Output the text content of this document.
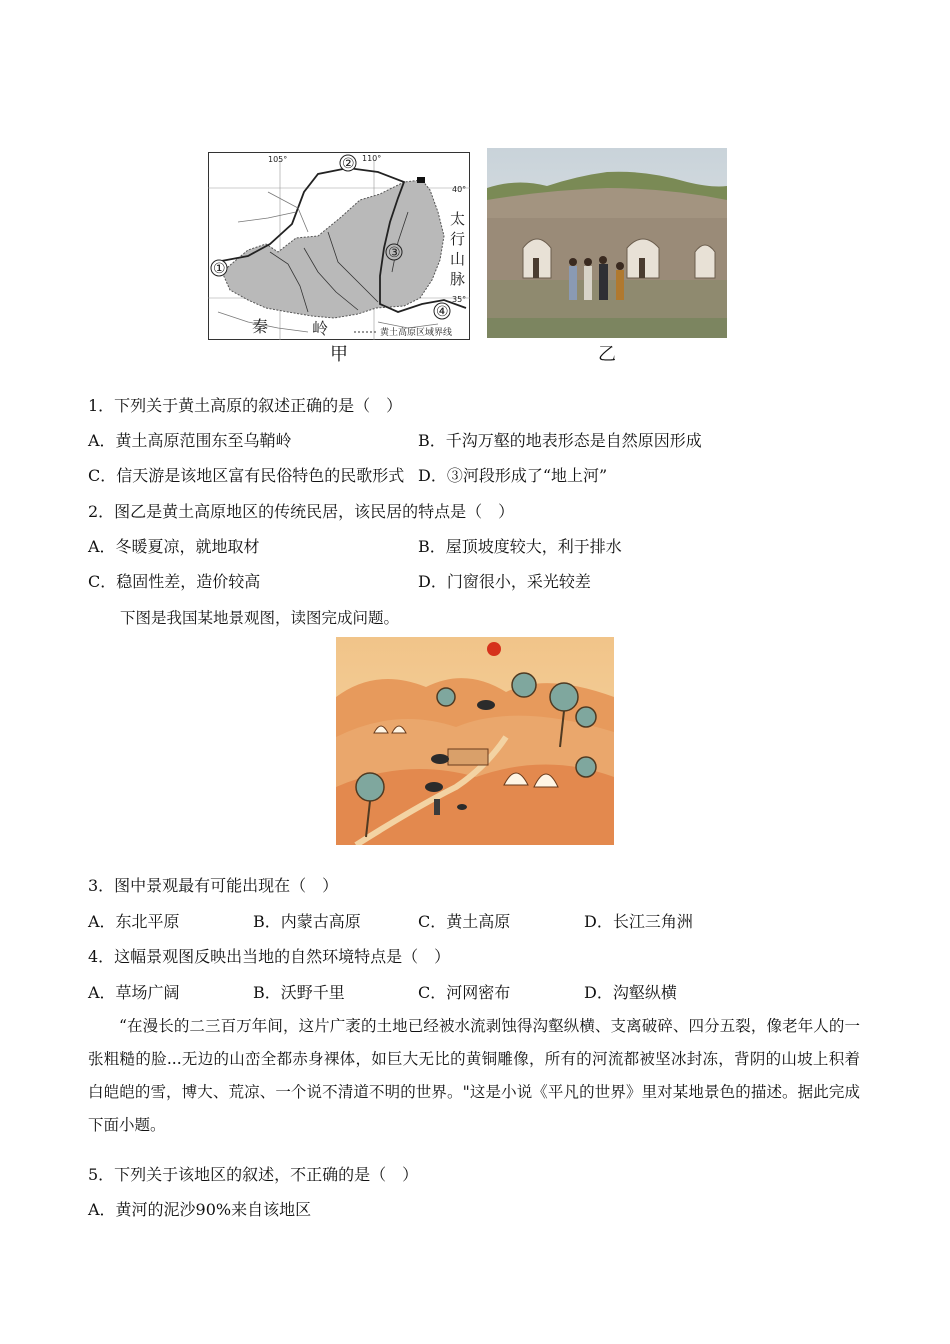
105°	110°
40°
35°
②
①
③
④
太
行
山
脉
秦	岭	黄土高原区域界线
甲	乙
1．下列关于黄土高原的叙述正确的是（　）
A．黄土高原范围东至乌鞘岭	B．千沟万壑的地表形态是自然原因形成
C．信天游是该地区富有民俗特色的民歌形式 D．③河段形成了“地上河”
2．图乙是黄土高原地区的传统民居，该民居的特点是（　）
A．冬暖夏凉，就地取材	B．屋顶坡度较大，利于排水
C．稳固性差，造价较高	D．门窗很小，采光较差
下图是我国某地景观图，读图完成问题。
3．图中景观最有可能出现在（　）
A．东北平原	B．内蒙古高原	C．黄土高原	D．长江三角洲
4．这幅景观图反映出当地的自然环境特点是（　）
A．草场广阔	B．沃野千里	C．河网密布	D．沟壑纵横
“在漫长的二三百万年间，这片广袤的土地已经被水流剥蚀得沟壑纵横、支离破碎、四分五裂，像老年人的一张粗糙的脸...无边的山峦全都赤身裸体，如巨大无比的黄铜雕像，所有的河流都被坚冰封冻，背阴的山坡上积着白皑皑的雪，博大、荒凉、一个说不清道不明的世界。"这是小说《平凡的世界》里对某地景色的描述。据此完成下面小题。
5．下列关于该地区的叙述，不正确的是（　）
A．黄河的泥沙90%来自该地区
